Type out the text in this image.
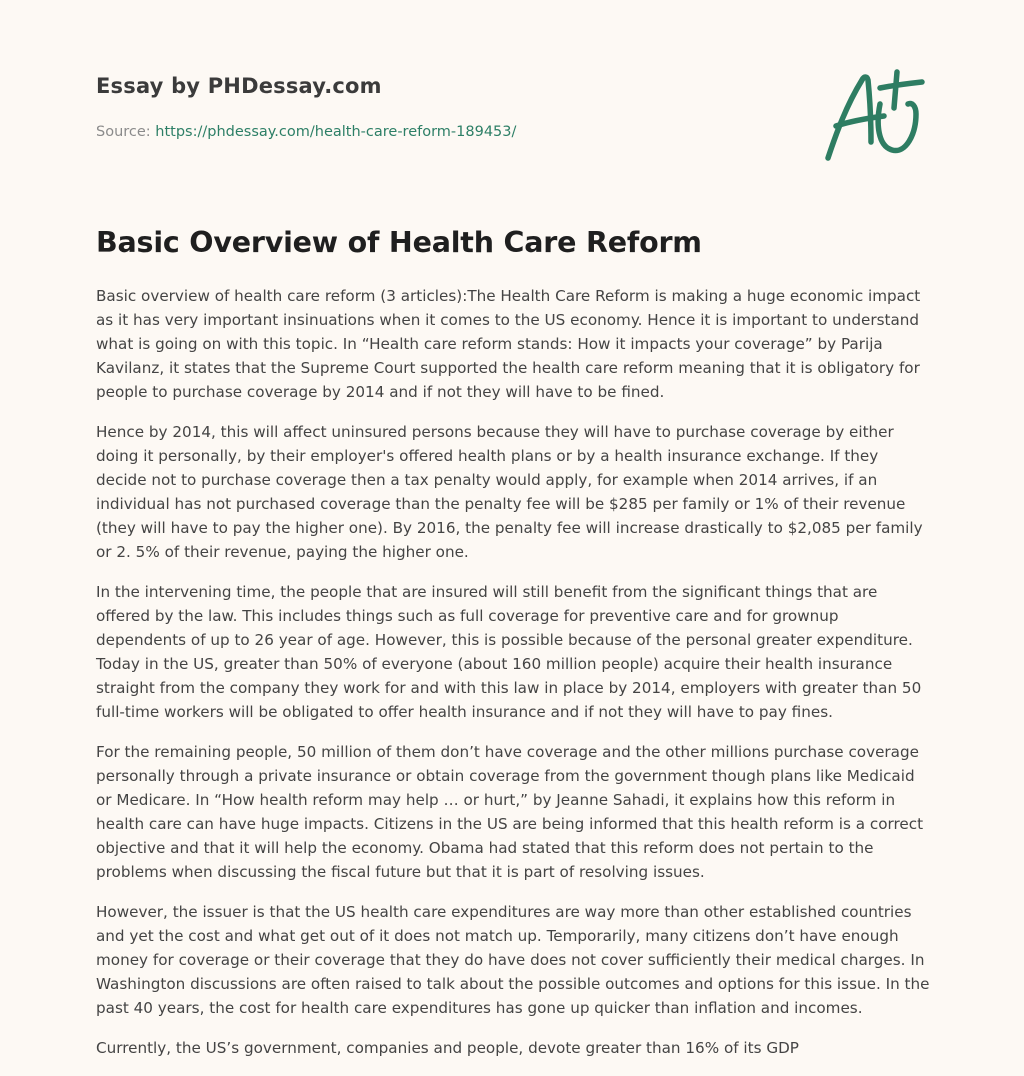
Essay by PHDessay.com
Source: https://phdessay.com/health-care-reform-189453/
Basic Overview of Health Care Reform

Basic overview of health care reform (3 articles):The Health Care Reform is making a huge economic impact as it has very important insinuations when it comes to the US economy. Hence it is important to understand what is going on with this topic. In “Health care reform stands: How it impacts your coverage” by Parija Kavilanz, it states that the Supreme Court supported the health care reform meaning that it is obligatory for people to purchase coverage by 2014 and if not they will have to be fined.

Hence by 2014, this will affect uninsured persons because they will have to purchase coverage by either doing it personally, by their employer's offered health plans or by a health insurance exchange. If they decide not to purchase coverage then a tax penalty would apply, for example when 2014 arrives, if an individual has not purchased coverage than the penalty fee will be $285 per family or 1% of their revenue (they will have to pay the higher one). By 2016, the penalty fee will increase drastically to $2,085 per family or 2. 5% of their revenue, paying the higher one.

In the intervening time, the people that are insured will still benefit from the significant things that are offered by the law. This includes things such as full coverage for preventive care and for grownup dependents of up to 26 year of age. However, this is possible because of the personal greater expenditure. Today in the US, greater than 50% of everyone (about 160 million people) acquire their health insurance straight from the company they work for and with this law in place by 2014, employers with greater than 50 full-time workers will be obligated to offer health insurance and if not they will have to pay fines.

For the remaining people, 50 million of them don’t have coverage and the other millions purchase coverage personally through a private insurance or obtain coverage from the government though plans like Medicaid or Medicare. In “How health reform may help … or hurt,” by Jeanne Sahadi, it explains how this reform in health care can have huge impacts. Citizens in the US are being informed that this health reform is a correct objective and that it will help the economy. Obama had stated that this reform does not pertain to the problems when discussing the fiscal future but that it is part of resolving issues.

However, the issuer is that the US health care expenditures are way more than other established countries and yet the cost and what get out of it does not match up. Temporarily, many citizens don’t have enough money for coverage or their coverage that they do have does not cover sufficiently their medical charges. In Washington discussions are often raised to talk about the possible outcomes and options for this issue. In the past 40 years, the cost for health care expenditures has gone up quicker than inflation and incomes.

Currently, the US’s government, companies and people, devote greater than 16% of its GDP
